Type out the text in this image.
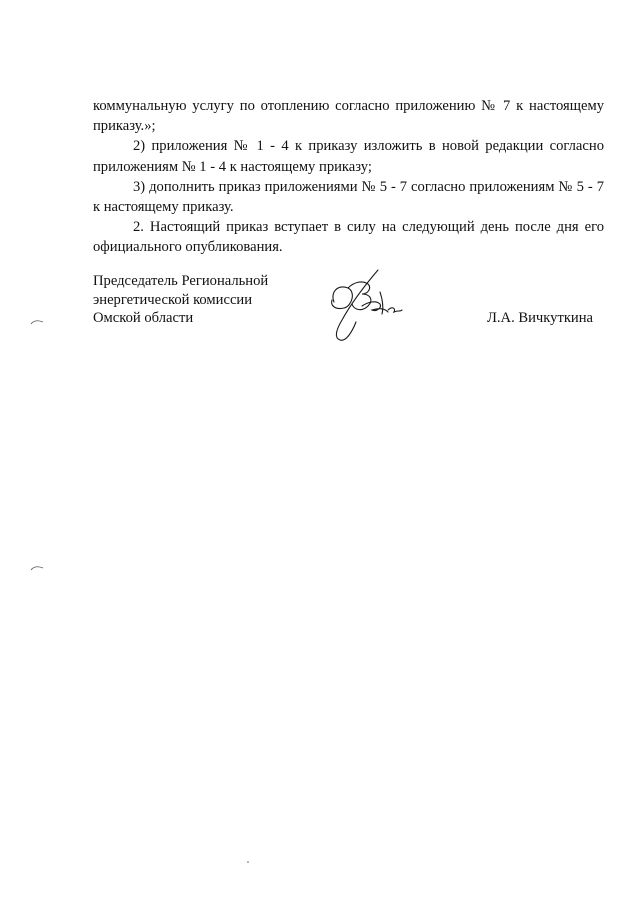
коммунальную услугу по отоплению согласно приложению № 7 к настоящему приказу.»;

2) приложения № 1 - 4 к приказу изложить в новой редакции согласно приложениям № 1 - 4 к настоящему приказу;

3) дополнить приказ приложениями № 5 - 7 согласно приложениям № 5 - 7 к настоящему приказу.

2. Настоящий приказ вступает в силу на следующий день после дня его официального опубликования.

Председатель Региональной
энергетической комиссии
Омской области	Л.А. Вичкуткина
